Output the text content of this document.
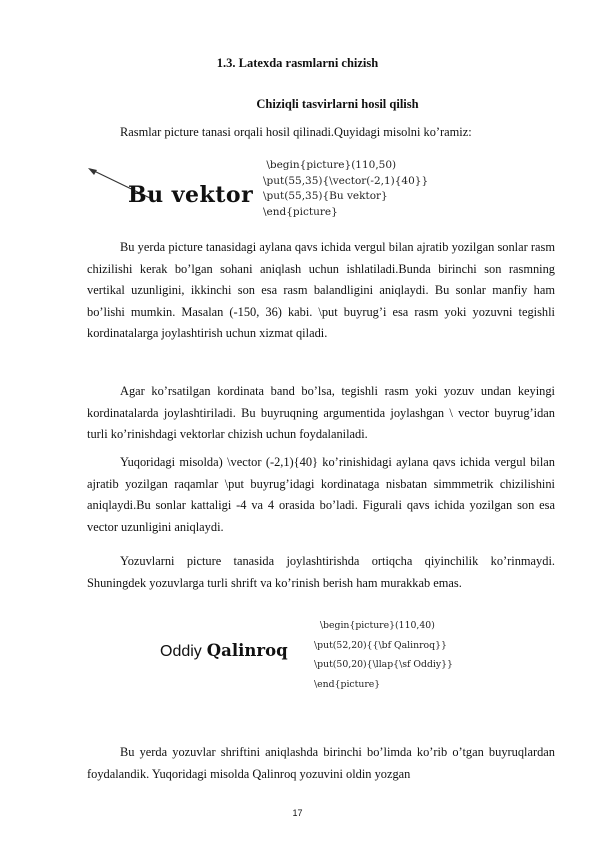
1.3. Latexda rasmlarni chizish
Chiziqli tasvirlarni hosil qilish

Rasmlar picture tanasi orqali hosil qilinadi.Quyidagi misolni ko’ramiz:

Bu vektor
\begin{picture}(110,50)
\put(55,35){\vector(-2,1){40}}
\put(55,35){Bu vektor}
\end{picture}

Bu yerda picture tanasidagi aylana qavs ichida vergul bilan ajratib yozilgan sonlar rasm chizilishi kerak bo’lgan sohani aniqlash uchun ishlatiladi.Bunda birinchi son rasmning vertikal uzunligini, ikkinchi son esa rasm balandligini aniqlaydi. Bu sonlar manfiy ham bo’lishi mumkin. Masalan (-150, 36) kabi. \put buyrug’i esa rasm yoki yozuvni tegishli kordinatalarga joylashtirish uchun xizmat qiladi.

Agar ko’rsatilgan kordinata band bo’lsa, tegishli rasm yoki yozuv undan keyingi kordinatalarda joylashtiriladi. Bu buyruqning argumentida joylashgan \ vector buyrug’idan turli ko’rinishdagi vektorlar chizish uchun foydalaniladi.

Yuqoridagi misolda) \vector (-2,1){40} ko’rinishidagi aylana qavs ichida vergul bilan ajratib yozilgan raqamlar \put buyrug’idagi kordinataga nisbatan simmmetrik chizilishini aniqlaydi.Bu sonlar kattaligi -4 va 4 orasida bo’ladi. Figurali qavs ichida yozilgan son esa vector uzunligini aniqlaydi.

Yozuvlarni picture tanasida joylashtirishda ortiqcha qiyinchilik ko’rinmaydi. Shuningdek yozuvlarga turli shrift va ko’rinish berish ham murakkab emas.

Oddiy Qalinroq
\begin{picture}(110,40)
\put(52,20){{\bf Qalinroq}}
\put(50,20){\llap{\sf Oddiy}}
\end{picture}

Bu yerda yozuvlar shriftini aniqlashda birinchi bo’limda ko’rib o’tgan buyruqlardan foydalandik. Yuqoridagi misolda Qalinroq yozuvini oldin yozgan

17
